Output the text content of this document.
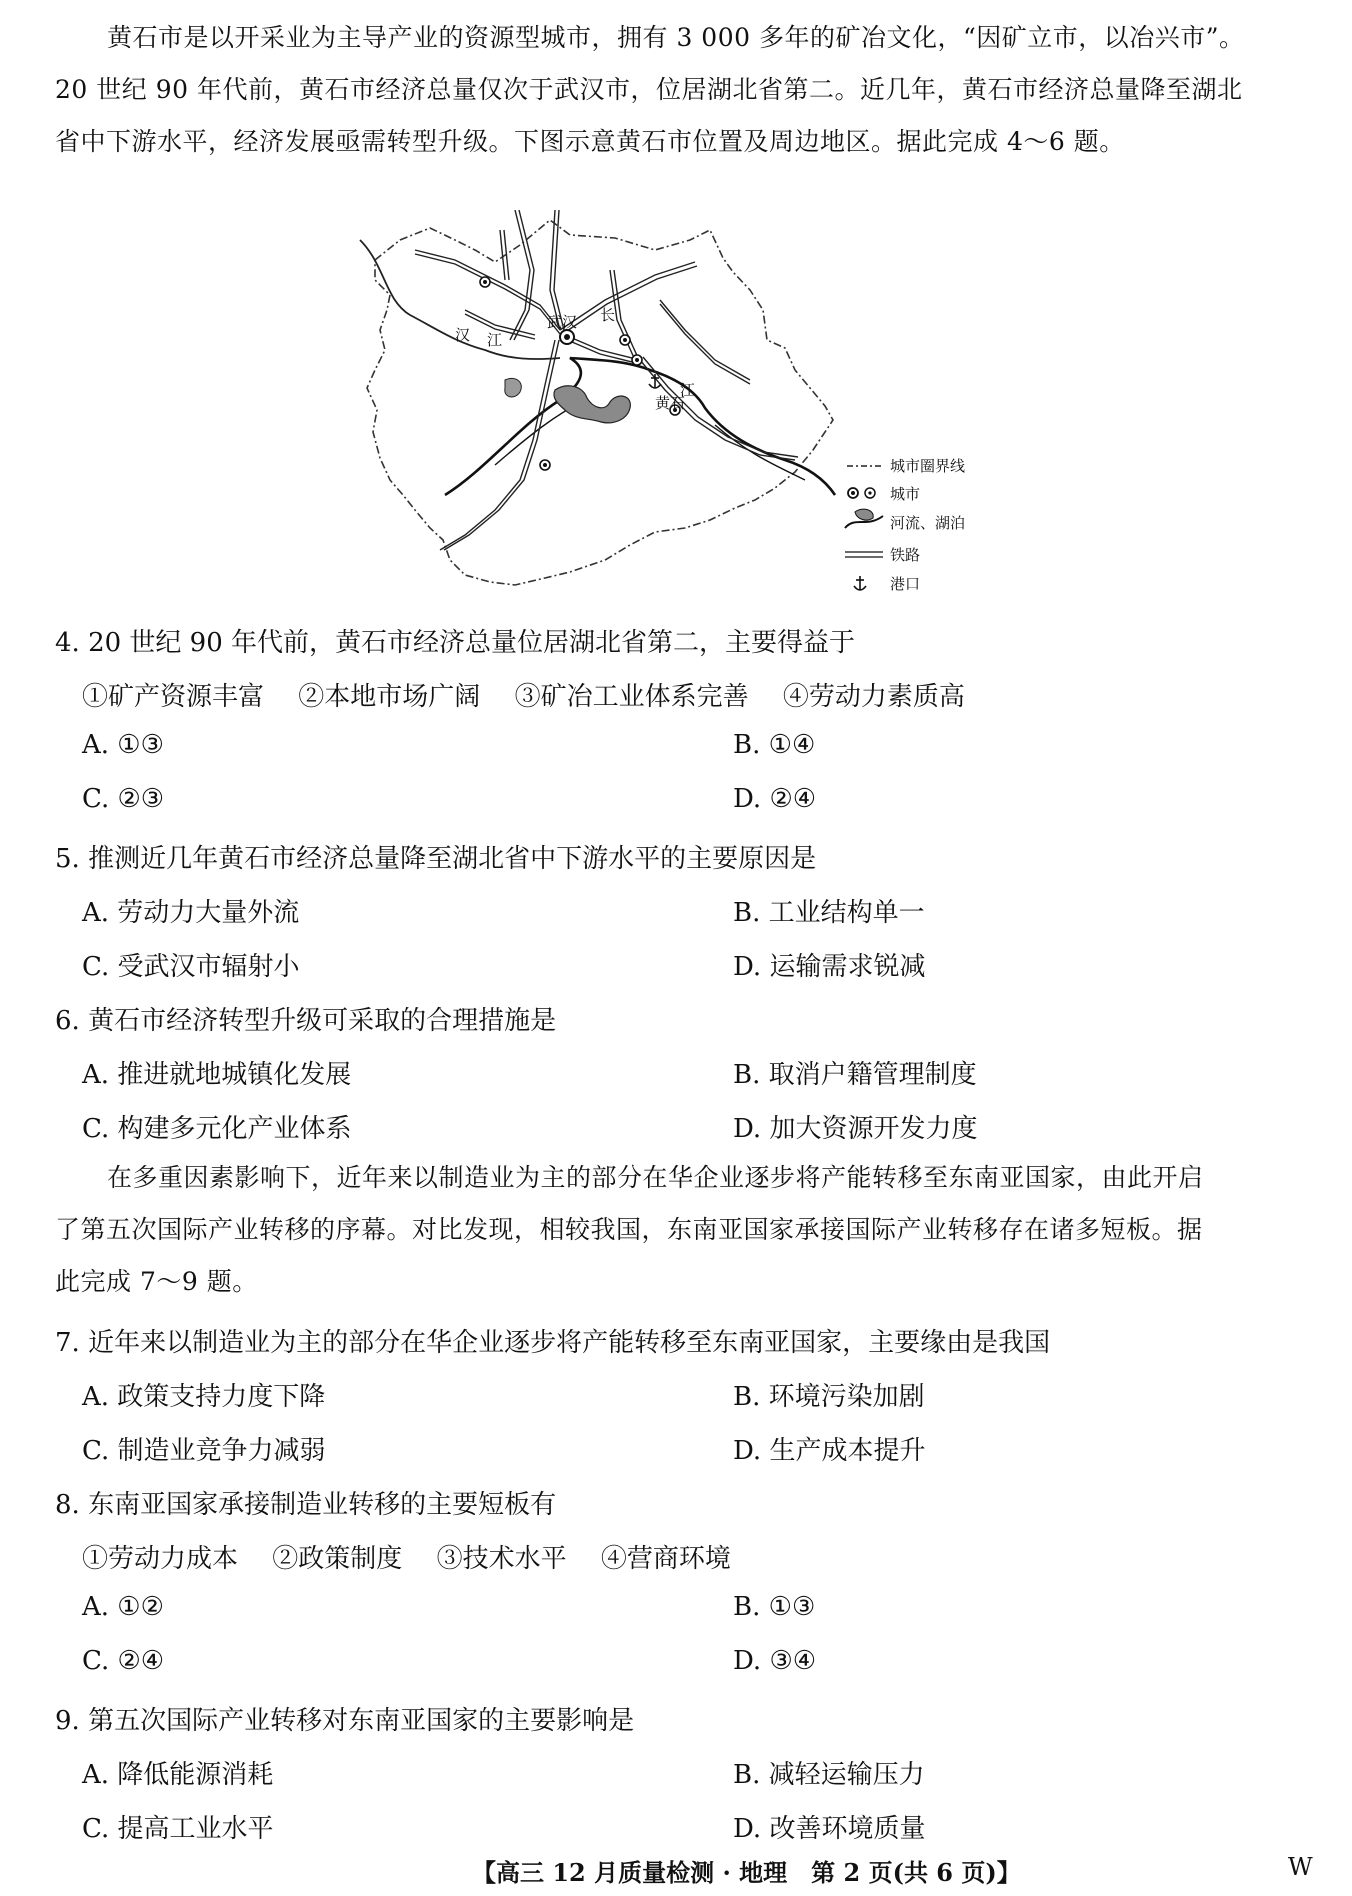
黄石市是以开采业为主导产业的资源型城市，拥有 3 000 多年的矿冶文化，“因矿立市，以冶兴市”。
20 世纪 90 年代前，黄石市经济总量仅次于武汉市，位居湖北省第二。近几年，黄石市经济总量降至湖北
省中下游水平，经济发展亟需转型升级。下图示意黄石市位置及周边地区。据此完成 4～6 题。
武汉
黄石
汉 江
长
江
城市圈界线
城市
河流、湖泊
铁路
港口
4. 20 世纪 90 年代前，黄石市经济总量位居湖北省第二，主要得益于
①矿产资源丰富 ②本地市场广阔 ③矿冶工业体系完善 ④劳动力素质高
A. ①③	B. ①④
C. ②③	D. ②④
5. 推测近几年黄石市经济总量降至湖北省中下游水平的主要原因是
A. 劳动力大量外流	B. 工业结构单一
C. 受武汉市辐射小	D. 运输需求锐减
6. 黄石市经济转型升级可采取的合理措施是
A. 推进就地城镇化发展	B. 取消户籍管理制度
C. 构建多元化产业体系	D. 加大资源开发力度
在多重因素影响下，近年来以制造业为主的部分在华企业逐步将产能转移至东南亚国家，由此开启
了第五次国际产业转移的序幕。对比发现，相较我国，东南亚国家承接国际产业转移存在诸多短板。据
此完成 7～9 题。
7. 近年来以制造业为主的部分在华企业逐步将产能转移至东南亚国家，主要缘由是我国
A. 政策支持力度下降	B. 环境污染加剧
C. 制造业竞争力减弱	D. 生产成本提升
8. 东南亚国家承接制造业转移的主要短板有
①劳动力成本 ②政策制度 ③技术水平 ④营商环境
A. ①②	B. ①③
C. ②④	D. ③④
9. 第五次国际产业转移对东南亚国家的主要影响是
A. 降低能源消耗	B. 减轻运输压力
C. 提高工业水平	D. 改善环境质量
【高三 12 月质量检测 · 地理　第 2 页(共 6 页)】	W
